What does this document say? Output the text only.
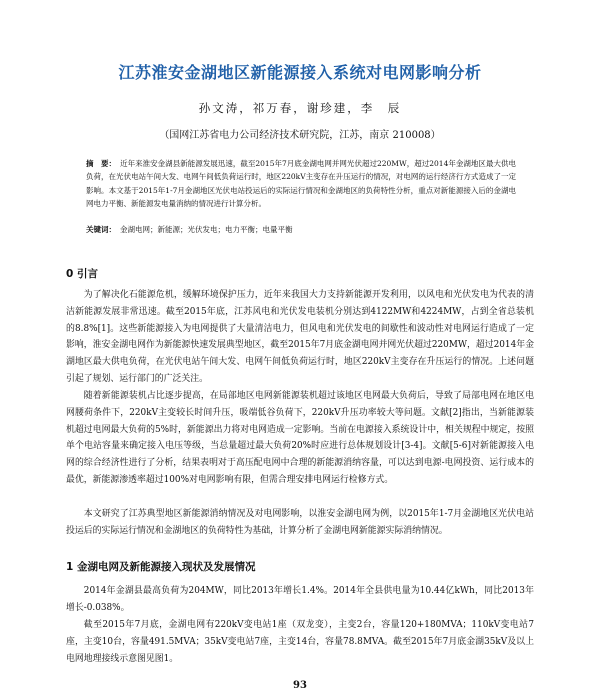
江苏淮安金湖地区新能源接入系统对电网影响分析
孙文涛，祁万春，谢珍建，李　辰
（国网江苏省电力公司经济技术研究院，江苏，南京 210008）
摘　要： 近年来淮安金湖县新能源发展迅速，截至2015年7月底金湖电网并网光伏超过220MW，超过2014年金湖地区最大供电负荷，在光伏电站午间大发、电网午间低负荷运行时，地区220kV主变存在升压运行的情况，对电网的运行经济行方式造成了一定影响。本文基于2015年1-7月金湖地区光伏电站投运后的实际运行情况和金湖地区的负荷特性分析，重点对新能源接入后的金湖电网电力平衡、新能源发电量消纳的情况进行计算分析。
关键词： 金湖电网；新能源；光伏发电；电力平衡；电量平衡
0 引言
为了解决化石能源危机，缓解环境保护压力，近年来我国大力支持新能源开发利用，以风电和光伏发电为代表的清洁新能源发展非常迅速。截至2015年底，江苏风电和光伏发电装机分别达到4122MW和4224MW，占到全省总装机的8.8%[1]。这些新能源接入为电网提供了大量清洁电力，但风电和光伏发电的间歇性和波动性对电网运行造成了一定影响，淮安金湖电网作为新能源快速发展典型地区，截至2015年7月底金湖电网并网光伏超过220MW，超过2014年金湖地区最大供电负荷，在光伏电站午间大发、电网午间低负荷运行时，地区220kV主变存在升压运行的情况。上述问题引起了规划、运行部门的广泛关注。
随着新能源装机占比逐步提高，在局部地区电网新能源装机超过该地区电网最大负荷后，导致了局部电网在地区电网腰荷条件下，220kV主变较长时间升压，吸端低谷负荷下，220kV升压功率较大等问题。文献[2]指出，当新能源装机超过电网最大负荷的5%时，新能源出力将对电网造成一定影响。当前在电源接入系统设计中，相关规程中规定，按照单个电站容量来确定接入电压等级，当总量超过最大负荷20%时应进行总体规划设计[3-4]。文献[5-6]对新能源接入电网的综合经济性进行了分析，结果表明对于高压配电网中合理的新能源消纳容量，可以达到电源-电网投资、运行成本的最优，新能源渗透率超过100%对电网影响有限，但需合理安排电网运行检修方式。
本文研究了江苏典型地区新能源消纳情况及对电网影响，以淮安金湖电网为例，以2015年1-7月金湖地区光伏电站投运后的实际运行情况和金湖地区的负荷特性为基础，计算分析了金湖电网新能源实际消纳情况。
1 金湖电网及新能源接入现状及发展情况
2014年金湖县最高负荷为204MW，同比2013年增长1.4%。2014年全县供电量为10.44亿kWh，同比2013年增长-0.038%。
截至2015年7月底，金湖电网有220kV变电站1座（双龙变），主变2台，容量120+180MVA；110kV变电站7座，主变10台，容量491.5MVA；35kV变电站7座，主变14台，容量78.8MVA。截至2015年7月底金湖35kV及以上电网地理接线示意图见图1。
93
